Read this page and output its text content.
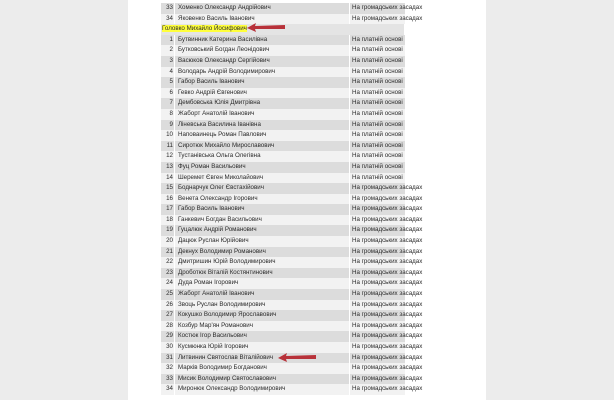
33 Хоменко Олександр Андрійович	На громадських засадах
34 Яковенко Василь Іванович	На громадських засадах
Головко Михайло Йосифович
1 Бутвинник Катерина Василівна	На платній основі
2 Бутковський Богдан Леонідович	На платній основі
3 Васюков Олександр Сергійович	На платній основі
4 Володарь Андрій Володимирович	На платній основі
5 Габор Василь Іванович	На платній основі
6 Гевко Андрій Євгенович	На платній основі
7 Дембовська Юлія Дмитрівна	На платній основі
8 Жаборт Анатолій Іванович	На платній основі
9 Ліневська Василина Іванівна	На платній основі
10 Наповаинець Роман Павлович	На платній основі
11 Сиротюк Михайло Мирославович	На платній основі
12 Тустанівська Ольга Олегівна	На платній основі
13 Фуц Роман Васильович	На платній основі
14 Шеремет Євген Миколайович	На платній основі
15 Боднарчук Олег Євстахійович	На громадських засадах
16 Венета Олександр Ігорович	На громадських засадах
17 Габор Василь Іванович	На громадських засадах
18 Ганкевич Богдан Васильович	На громадських засадах
19 Гуцалюк Андрій Романович	На громадських засадах
20 Дацюк Руслан Юрійович	На громадських засадах
21 Декнух Володимир Романович	На громадських засадах
22 Дмитришин Юрій Володимирович	На громадських засадах
23 Дроботюк Віталій Костянтинович	На громадських засадах
24 Дуда Роман Ігорович	На громадських засадах
25 Жаборт Анатолій Іванович	На громадських засадах
26 Звоць Руслан Володимирович	На громадських засадах
27 Кокушко Володимир Ярославович	На громадських засадах
28 Козбур Мар'ян Романович	На громадських засадах
29 Костюк Ігор Васильович	На громадських засадах
30 Кусмюнка Юрій Ігорович	На громадських засадах
31 Литвинин Святослав Віталійович	На громадських засадах
32 Марків Володимир Богданович	На громадських засадах
33 Мисик Володимир Святославович	На громадських засадах
34 Миронюк Олександр Володимирович	На громадських засадах
